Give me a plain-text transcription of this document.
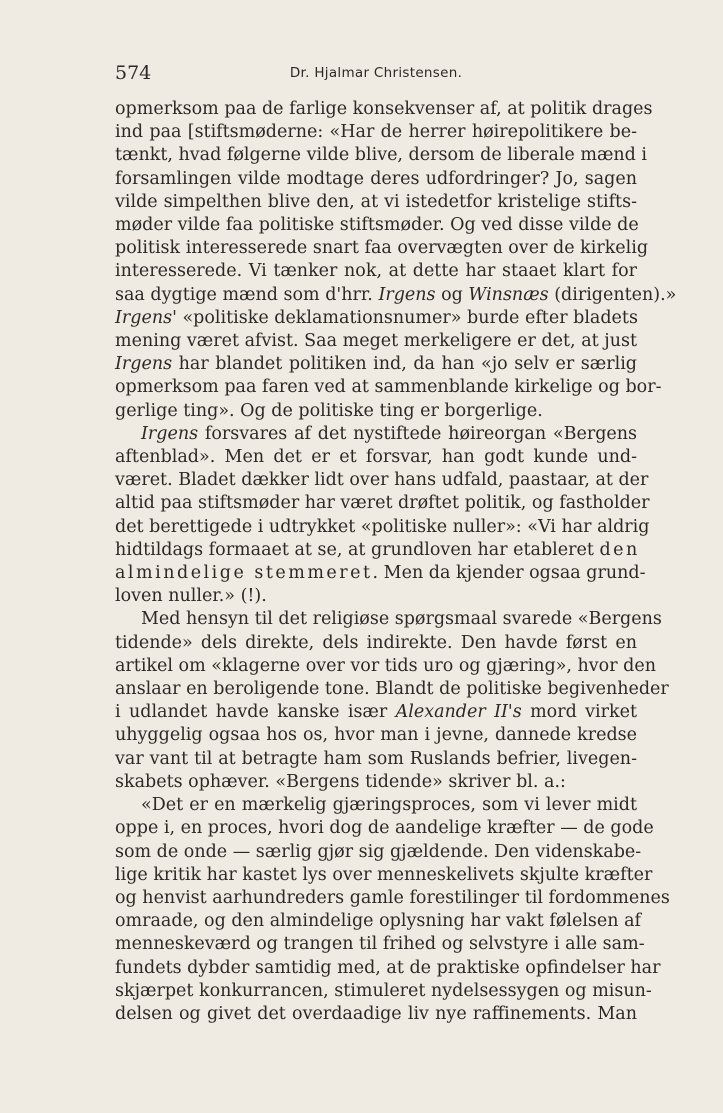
574	Dr. Hjalmar Christensen.
opmerksom paa de farlige konsekvenser af, at politik drages
ind paa [stiftsmøderne: «Har de herrer høirepolitikere be-
tænkt, hvad følgerne vilde blive, dersom de liberale mænd i
forsamlingen vilde modtage deres udfordringer? Jo, sagen
vilde simpelthen blive den, at vi istedetfor kristelige stifts-
møder vilde faa politiske stiftsmøder. Og ved disse vilde de
politisk interesserede snart faa overvægten over de kirkelig
interesserede. Vi tænker nok, at dette har staaet klart for
saa dygtige mænd som d'hrr. Irgens og Winsnæs (dirigenten).»
Irgens' «politiske deklamationsnumer» burde efter bladets
mening været afvist. Saa meget merkeligere er det, at just
Irgens har blandet politiken ind, da han «jo selv er særlig
opmerksom paa faren ved at sammenblande kirkelige og bor-
gerlige ting». Og de politiske ting er borgerlige.
Irgens forsvares af det nystiftede høireorgan «Bergens
aftenblad». Men det er et forsvar, han godt kunde und-
været. Bladet dækker lidt over hans udfald, paastaar, at der
altid paa stiftsmøder har været drøftet politik, og fastholder
det berettigede i udtrykket «politiske nuller»: «Vi har aldrig
hidtildags formaaet at se, at grundloven har etableret den
almindelige stemmeret. Men da kjender ogsaa grund-
loven nuller.» (!).
Med hensyn til det religiøse spørgsmaal svarede «Bergens
tidende» dels direkte, dels indirekte. Den havde først en
artikel om «klagerne over vor tids uro og gjæring», hvor den
anslaar en beroligende tone. Blandt de politiske begivenheder
i udlandet havde kanske især Alexander II's mord virket
uhyggelig ogsaa hos os, hvor man i jevne, dannede kredse
var vant til at betragte ham som Ruslands befrier, livegen-
skabets ophæver. «Bergens tidende» skriver bl. a.:
«Det er en mærkelig gjæringsproces, som vi lever midt
oppe i, en proces, hvori dog de aandelige kræfter — de gode
som de onde — særlig gjør sig gjældende. Den videnskabe-
lige kritik har kastet lys over menneskelivets skjulte kræfter
og henvist aarhundreders gamle forestilinger til fordommenes
omraade, og den almindelige oplysning har vakt følelsen af
menneskeværd og trangen til frihed og selvstyre i alle sam-
fundets dybder samtidig med, at de praktiske opfindelser har
skjærpet konkurrancen, stimuleret nydelsessygen og misun-
delsen og givet det overdaadige liv nye raffinements. Man
